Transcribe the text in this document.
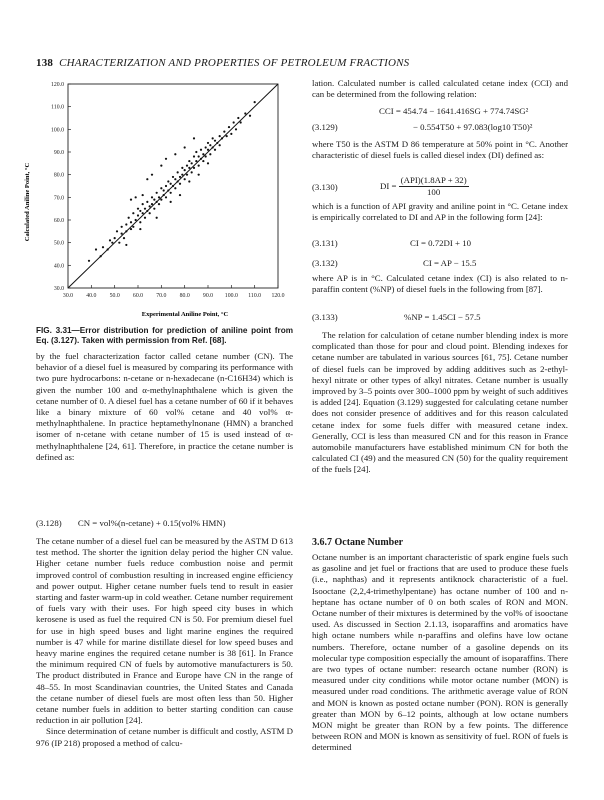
138 CHARACTERIZATION AND PROPERTIES OF PETROLEUM FRACTIONS
30.0 40.0 50.0 60.0 70.0 80.0 90.0 100.0 110.0 120.0
30.0
40.0
50.0
60.0
70.0
80.0
90.0
100.0
110.0
120.0
Experimental Aniline Point, °C
Calculated Aniline Point, °C
FIG. 3.31—Error distribution for prediction of aniline point from Eq. (3.127). Taken with permission from Ref. [68].

by the fuel characterization factor called cetane number (CN). The behavior of a diesel fuel is measured by comparing its performance with two pure hydrocarbons: n-cetane or n-hexadecane (n-C16H34) which is given the number 100 and α-methylnaphthalene which is given the cetane number of 0. A diesel fuel has a cetane number of 60 if it behaves like a binary mixture of 60 vol% cetane and 40 vol% α-methylnaphthalene. In practice heptamethylnonane (HMN) a branched isomer of n-cetane with cetane number of 15 is used instead of α-methylnaphthalene [24, 61]. Therefore, in practice the cetane number is defined as:

(3.128) CN = vol%(n-cetane) + 0.15(vol% HMN)

The cetane number of a diesel fuel can be measured by the ASTM D 613 test method. The shorter the ignition delay period the higher CN value. Higher cetane number fuels reduce combustion noise and permit improved control of combustion resulting in increased engine efficiency and power output. Higher cetane number fuels tend to result in easier starting and faster warm-up in cold weather. Cetane number requirement of fuels vary with their uses. For high speed city buses in which kerosene is used as fuel the required CN is 50. For premium diesel fuel for use in high speed buses and light marine engines the required number is 47 while for marine distillate diesel for low speed buses and heavy marine engines the required cetane number is 38 [61]. In France the minimum required CN of fuels by automotive manufacturers is 50. The product distributed in France and Europe have CN in the range of 48–55. In most Scandinavian countries, the United States and Canada the cetane number of diesel fuels are most often less than 50. Higher cetane number fuels in addition to better starting condition can cause reduction in air pollution [24].

Since determination of cetane number is difficult and costly, ASTM D 976 (IP 218) proposed a method of calcu-

lation. Calculated number is called calculated cetane index (CCI) and can be determined from the following relation:

CCI = 454.74 − 1641.416SG + 774.74SG²
(3.129)	− 0.554T50 + 97.083(log10 T50)²

where T50 is the ASTM D 86 temperature at 50% point in °C. Another characteristic of diesel fuels is called diesel index (DI) defined as:

(3.130)	DI = $\frac{\text{(API)(1.8AP + 32)}}{100}$

which is a function of API gravity and aniline point in °C. Cetane index is empirically correlated to DI and AP in the following form [24]:

(3.131)	CI = 0.72DI + 10
(3.132)	CI = AP − 15.5

where AP is in °C. Calculated cetane index (CI) is also related to n-paraffin content (%NP) of diesel fuels in the following from [87].

(3.133)	%NP = 1.45CI − 57.5

The relation for calculation of cetane number blending index is more complicated than those for pour and cloud point. Blending indexes for cetane number are tabulated in various sources [61, 75]. Cetane number of diesel fuels can be improved by adding additives such as 2-ethyl-hexyl nitrate or other types of alkyl nitrates. Cetane number is usually improved by 3–5 points over 300–1000 ppm by weight of such additives is added [24]. Equation (3.129) suggested for calculating cetane number does not consider presence of additives and for this reason calculated cetane index for some fuels differ with measured cetane index. Generally, CCI is less than measured CN and for this reason in France automobile manufacturers have established minimum CN for both the calculated CI (49) and the measured CN (50) for the quality requirement of the fuels [24].

3.6.7 Octane Number

Octane number is an important characteristic of spark engine fuels such as gasoline and jet fuel or fractions that are used to produce these fuels (i.e., naphthas) and it represents antiknock characteristic of a fuel. Isooctane (2,2,4-trimethylpentane) has octane number of 100 and n-heptane has octane number of 0 on both scales of RON and MON. Octane number of their mixtures is determined by the vol% of isooctane used. As discussed in Section 2.1.13, isoparaffins and aromatics have high octane numbers while n-paraffins and olefins have low octane numbers. Therefore, octane number of a gasoline depends on its molecular type composition especially the amount of isoparaffins. There are two types of octane number: research octane number (RON) is measured under city conditions while motor octane number (MON) is measured under road conditions. The arithmetic average value of RON and MON is known as posted octane number (PON). RON is generally greater than MON by 6–12 points, although at low octane numbers MON might be greater than RON by a few points. The difference between RON and MON is known as sensitivity of fuel. RON of fuels is determined
